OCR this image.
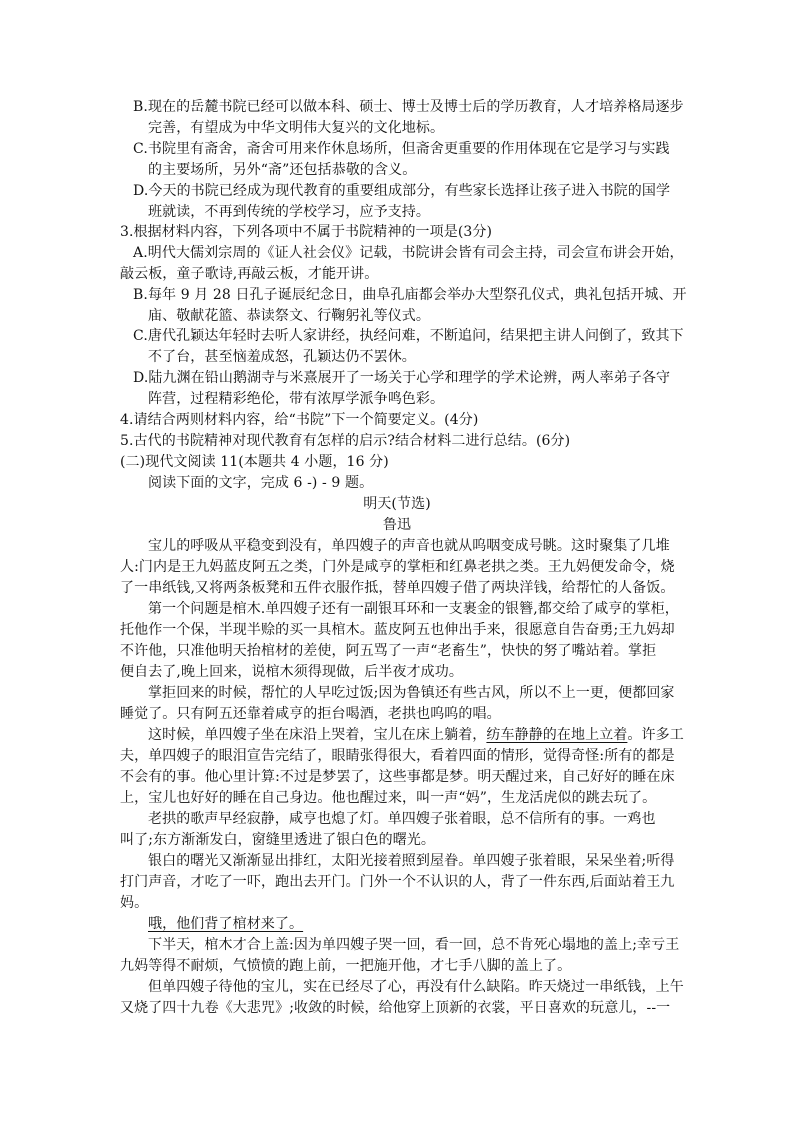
B.现在的岳麓书院已经可以做本科、硕士、博士及博士后的学历教育，人才培养格局逐步
完善，有望成为中华文明伟大复兴的文化地标。
C.书院里有斋舍，斋舍可用来作休息场所，但斋舍更重要的作用体现在它是学习与实践
的主要场所，另外“斋”还包括恭敬的含义。
D.今天的书院已经成为现代教育的重要组成部分，有些家长选择让孩子进入书院的国学
班就读，不再到传统的学校学习，应予支持。
3.根据材料内容，下列各项中不属于书院精神的一项是(3分)
A.明代大儒刘宗周的《证人社会仪》记载，书院讲会皆有司会主持，司会宣布讲会开始，
敲云板，童子歌诗,再敲云板，才能开讲。
B.每年 9 月 28 日孔子诞辰纪念日，曲阜孔庙都会举办大型祭孔仪式，典礼包括开城、开
庙、敬献花篮、恭读祭文、行鞠躬礼等仪式。
C.唐代孔颖达年轻时去听人家讲经，执经问难，不断追问，结果把主讲人问倒了，致其下
不了台，甚至恼羞成怒，孔颖达仍不罢休。
D.陆九渊在铅山鹅湖寺与米熹展开了一场关于心学和理学的学术论辨，两人率弟子各守
阵营，过程精彩绝伦，带有浓厚学派争鸣色彩。
4.请结合两则材料内容，给“书院”下一个简要定义。(4分)
5.古代的书院精神对现代教育有怎样的启示?结合材料二进行总结。(6分)
(二)现代文阅读 11(本题共 4 小题，16 分)
阅读下面的文字，完成 6 -) - 9 题。
明天(节选)
鲁迅
宝儿的呼吸从平稳变到没有，单四嫂子的声音也就从呜咽变成号眺。这时聚集了几堆
人:门内是王九妈蓝皮阿五之类，门外是咸亨的掌柜和红鼻老拱之类。王九妈便发命令，烧
了一串纸钱,又将两条板凳和五件衣服作抵，替单四嫂子借了两块洋钱，给帮忙的人备饭。
第一个问题是棺木.单四嫂子还有一副银耳环和一支裹金的银簪,都交给了咸亨的掌柜，
托他作一个保，半现半赊的买一具棺木。蓝皮阿五也伸出手来，很愿意自告奋勇;王九妈却
不许他，只准他明天抬棺材的差使，阿五骂了一声“老畜生”，快快的努了嘴站着。掌拒
便自去了,晚上回来，说棺木须得现做，后半夜才成功。
掌拒回来的时候，帮忙的人早吃过饭;因为鲁镇还有些古风，所以不上一更，便都回家
睡觉了。只有阿五还靠着咸亨的拒台喝酒，老拱也呜呜的唱。
这时候，单四嫂子坐在床沿上哭着，宝儿在床上躺着，纺车静静的在地上立着。许多工
夫，单四嫂子的眼泪宣告完结了，眼睛张得很大，看着四面的情形，觉得奇怪:所有的都是
不会有的事。他心里计算:不过是梦罢了，这些事都是梦。明天醒过来，自己好好的睡在床
上，宝儿也好好的睡在自己身边。他也醒过来，叫一声“妈”，生龙活虎似的跳去玩了。
老拱的歌声早经寂静，咸亨也熄了灯。单四嫂子张着眼，总不信所有的事。一鸡也
叫了;东方渐渐发白，窗缝里透进了银白色的曙光。
银白的曙光又渐渐显出排红，太阳光接着照到屋眷。单四嫂子张着眼，呆呆坐着;听得
打门声音，才吃了一吓，跑出去开门。门外一个不认识的人，背了一件东西,后面站着王九
妈。
哦，他们背了棺材来了。
下半天，棺木才合上盖:因为单四嫂子哭一回，看一回，总不肯死心塌地的盖上;幸亏王
九妈等得不耐烦，气愤愤的跑上前，一把施开他，才七手八脚的盖上了。
但单四嫂子待他的宝儿，实在已经尽了心，再没有什么缺陷。昨天烧过一串纸钱，上午
又烧了四十九卷《大悲咒》;收敛的时候，给他穿上顶新的衣裳，平日喜欢的玩意儿，--一
